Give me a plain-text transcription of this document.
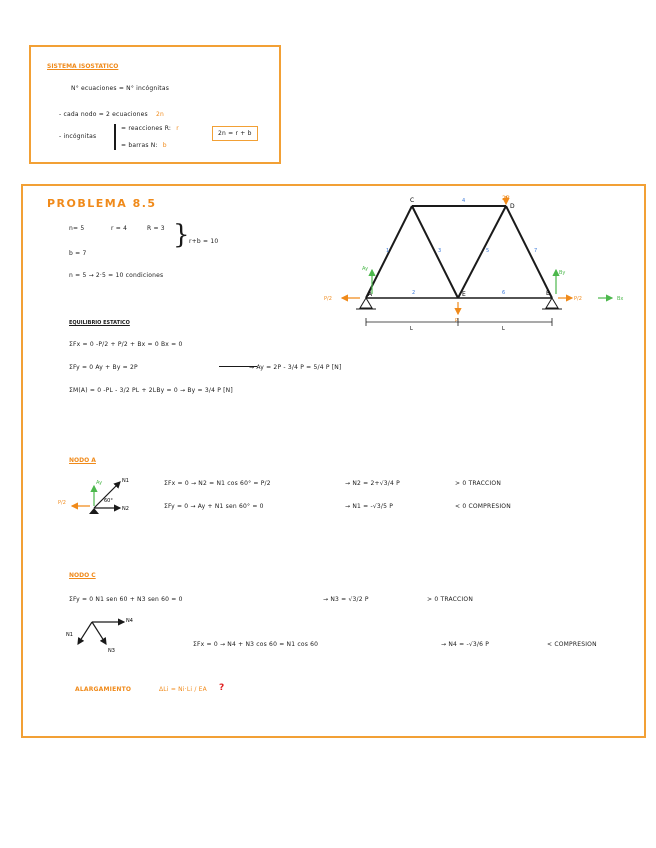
SISTEMA ISOSTATICO
N° ecuaciones = N° incógnitas
- cada nodo = 2 ecuaciones 2n
- incógnitas
= reacciones R: r
= barras N: b
2n = r + b
PROBLEMA 8.5
n= 5	r = 4	R = 3
b = 7
} r+b = 10
n = 5 → 2·5 = 10 condiciones
EQUILIBRIO ESTATICO
ΣFx = 0 -P/2 + P/2 + Bx = 0 Bx = 0
ΣFy = 0 Ay + By = 2P	→ Ay = 2P - 3/4 P = 5/4 P [N]
ΣM(A) = 0 -PL - 3/2 PL + 2LBy = 0 → By = 3/4 P [N]
NODO A
ΣFx = 0 → N2 = N1 cos 60° = P/2	→ N2 = 2+√3/4 P	> 0 TRACCION
ΣFy = 0 → Ay + N1 sen 60° = 0	→ N1 = -√3/5 P	< 0 COMPRESION
NODO C
ΣFy = 0 N1 sen 60 + N3 sen 60 = 0	→ N3 = √3/2 P	> 0 TRACCION
ΣFx = 0 → N4 + N3 cos 60 = N1 cos 60	→ N4 = -√3/6 P	< COMPRESION
ALARGAMIENTO	ΔLi = Ni·Li / EA ?
A	B
C
D
E
1
2
3
4
5
6
7
2P
P
P/2	P/2	Bx
Ay
By
L	L
Ay	N1
N2
60°
P/2
N1
N4
N3
